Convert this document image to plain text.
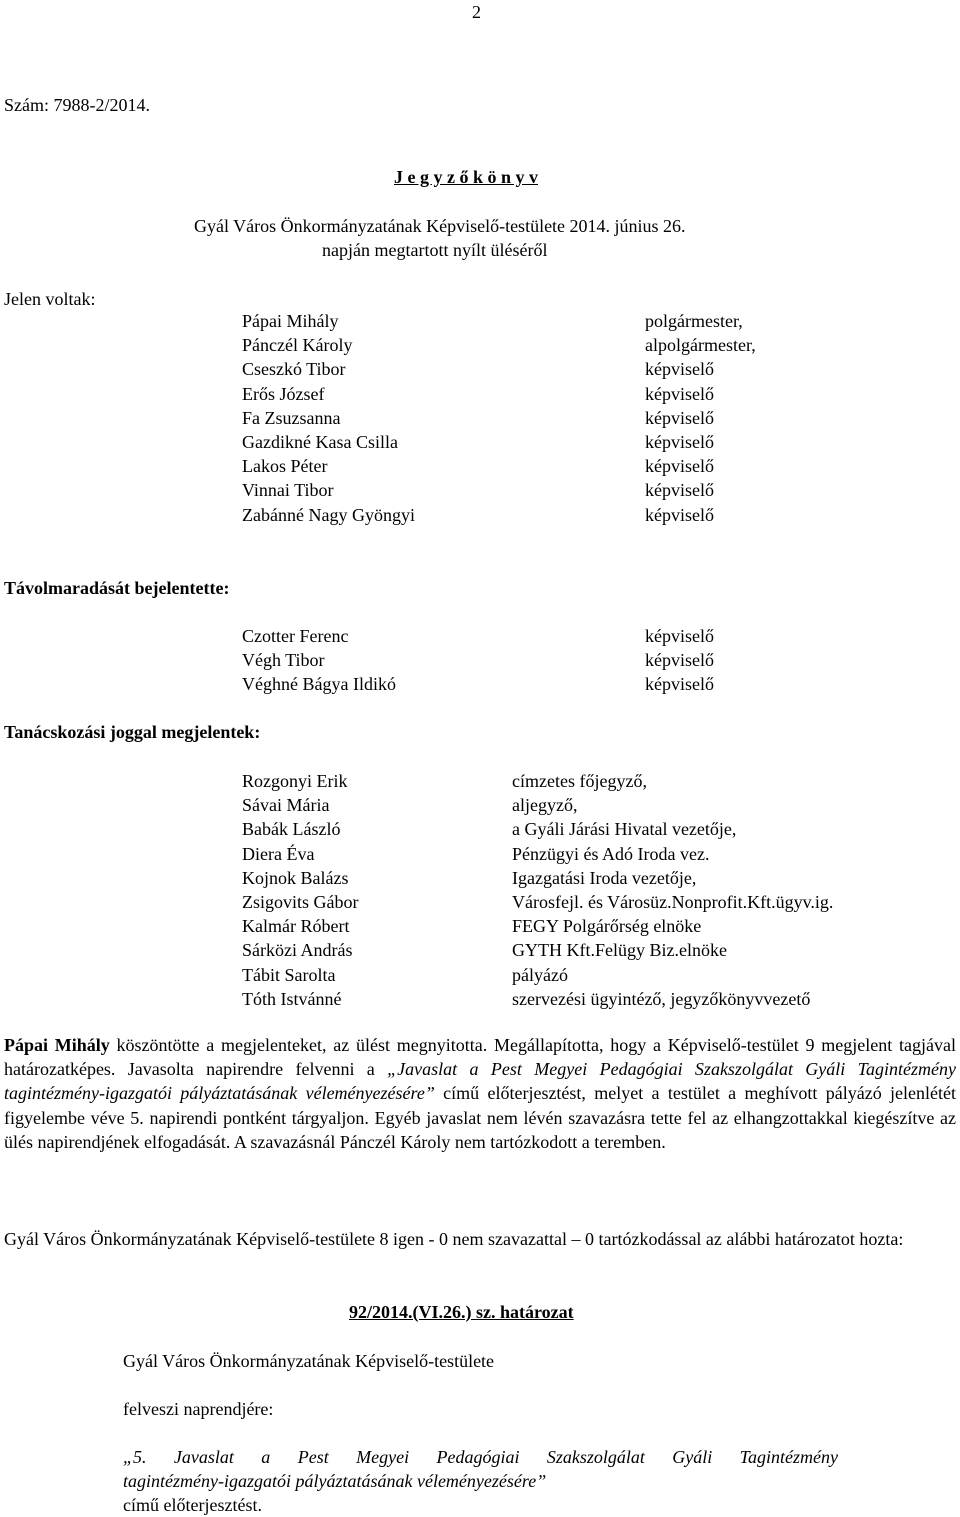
2
Szám: 7988-2/2014.
J e g y z ő k ö n y v
Gyál Város Önkormányzatának Képviselő-testülete 2014. június 26.
napján megtartott nyílt üléséről
Jelen voltak:
Pápai Mihály
Pánczél Károly
Cseszkó Tibor
Erős József
Fa Zsuzsanna
Gazdikné Kasa Csilla
Lakos Péter
Vinnai Tibor
Zabánné Nagy Gyöngyi
polgármester,
alpolgármester,
képviselő
képviselő
képviselő
képviselő
képviselő
képviselő
képviselő
Távolmaradását bejelentette:
Czotter Ferenc
Végh Tibor
Véghné Bágya Ildikó
képviselő
képviselő
képviselő
Tanácskozási joggal megjelentek:
Rozgonyi Erik
Sávai Mária
Babák László
Diera Éva
Kojnok Balázs
Zsigovits Gábor
Kalmár Róbert
Sárközi András
Tábit Sarolta
Tóth Istvánné
címzetes főjegyző,
aljegyző,
a Gyáli Járási Hivatal vezetője,
Pénzügyi és Adó Iroda vez.
Igazgatási Iroda vezetője,
Városfejl. és Városüz.Nonprofit.Kft.ügyv.ig.
FEGY Polgárőrség elnöke
GYTH Kft.Felügy Biz.elnöke
pályázó
szervezési ügyintéző, jegyzőkönyvvezető
Pápai Mihály köszöntötte a megjelenteket, az ülést megnyitotta. Megállapította, hogy a Képviselő-testület 9 megjelent tagjával határozatképes. Javasolta napirendre felvenni a „Javaslat a Pest Megyei Pedagógiai Szakszolgálat Gyáli Tagintézmény tagintézmény-igazgatói pályáztatásának véleményezésére” című előterjesztést, melyet a testület a meghívott pályázó jelenlétét figyelembe véve 5. napirendi pontként tárgyaljon. Egyéb javaslat nem lévén szavazásra tette fel az elhangzottakkal kiegészítve az ülés napirendjének elfogadását. A szavazásnál Pánczél Károly nem tartózkodott a teremben.
Gyál Város Önkormányzatának Képviselő-testülete 8 igen - 0 nem szavazattal – 0 tartózkodással az alábbi határozatot hozta:
92/2014.(VI.26.) sz. határozat
Gyál Város Önkormányzatának Képviselő-testülete
felveszi naprendjére:
„5. Javaslat a Pest Megyei Pedagógiai Szakszolgálat Gyáli Tagintézmény
tagintézmény-igazgatói pályáztatásának véleményezésére”
című előterjesztést.
